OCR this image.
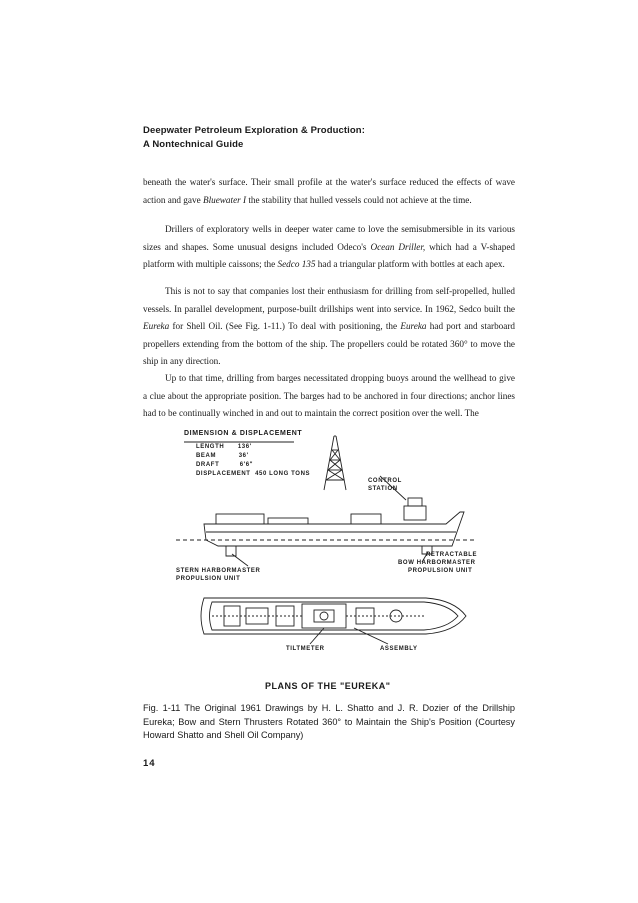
Deepwater Petroleum Exploration & Production:
A Nontechnical Guide

beneath the water's surface. Their small profile at the water's surface reduced the effects of wave action and gave Bluewater I the stability that hulled vessels could not achieve at the time.

Drillers of exploratory wells in deeper water came to love the semisubmersible in its various sizes and shapes. Some unusual designs included Odeco's Ocean Driller, which had a V-shaped platform with multiple caissons; the Sedco 135 had a triangular platform with bottles at each apex.

This is not to say that companies lost their enthusiasm for drilling from self-propelled, hulled vessels. In parallel development, purpose-built drillships went into service. In 1962, Sedco built the Eureka for Shell Oil. (See Fig. 1-11.) To deal with positioning, the Eureka had port and starboard propellers extending from the bottom of the ship. The propellers could be rotated 360° to move the ship in any direction.

Up to that time, drilling from barges necessitated dropping buoys around the wellhead to give a clue about the appropriate position. The barges had to be anchored in four directions; anchor lines had to be continually winched in and out to maintain the correct position over the well. The

DIMENSION & DISPLACEMENT
LENGTH      136'
BEAM          36'
DRAFT         6'6"
DISPLACEMENT  450 LONG TONS
CONTROL
STATION
STERN HARBORMASTER
PROPULSION UNIT
RETRACTABLE
BOW HARBORMASTER
PROPULSION UNIT
TILTMETER	ASSEMBLY
PLANS OF THE "EUREKA"
Fig. 1-11 The Original 1961 Drawings by H. L. Shatto and J. R. Dozier of the Drillship Eureka; Bow and Stern Thrusters Rotated 360° to Maintain the Ship's Position (Courtesy Howard Shatto and Shell Oil Company)
14
